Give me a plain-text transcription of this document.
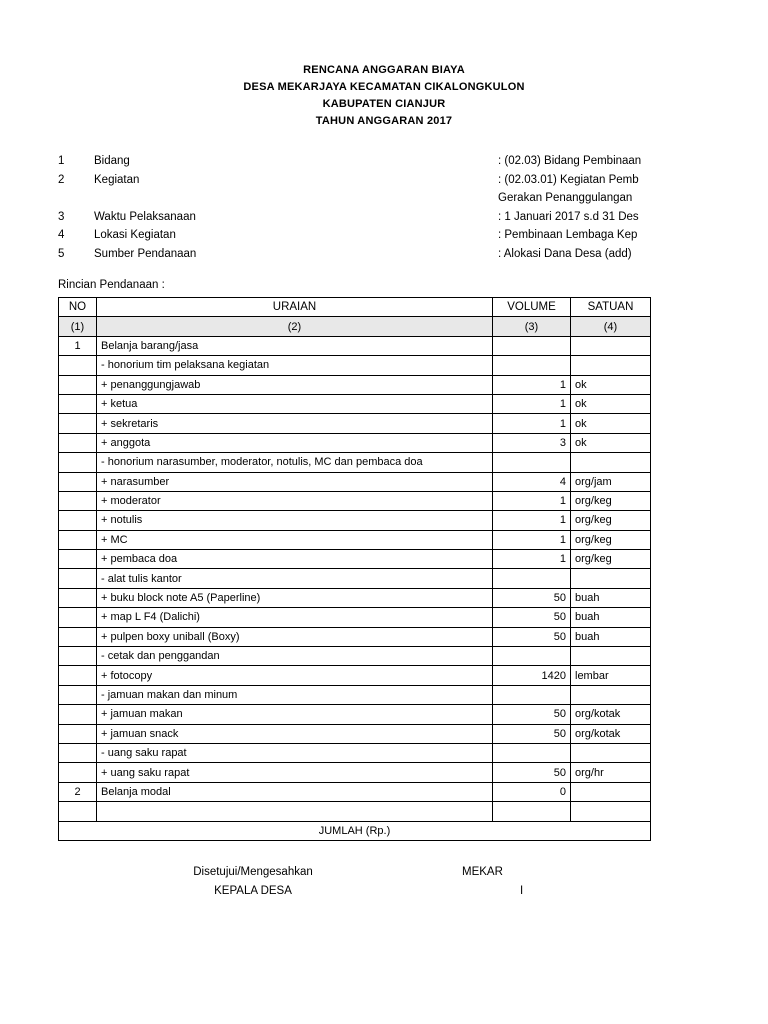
RENCANA ANGGARAN BIAYA
DESA MEKARJAYA KECAMATAN CIKALONGKULON
KABUPATEN CIANJUR
TAHUN ANGGARAN 2017
1	Bidang	: (02.03) Bidang Pembinaan
2	Kegiatan	: (02.03.01) Kegiatan Pemb
Gerakan Penanggulangan
3	Waktu Pelaksanaan	: 1 Januari 2017 s.d 31 Des
4	Lokasi Kegiatan	: Pembinaan Lembaga Kep
5	Sumber Pendanaan	: Alokasi Dana Desa (add)
Rincian Pendanaan :
NO	URAIAN	VOLUME	SATUAN
(1)	(2)	(3)	(4)
1	Belanja barang/jasa		
	- honorium tim pelaksana kegiatan		
	+ penanggungjawab	1	ok
	+ ketua	1	ok
	+ sekretaris	1	ok
	+ anggota	3	ok
	- honorium narasumber, moderator, notulis, MC dan pembaca doa		
	+ narasumber	4	org/jam
	+ moderator	1	org/keg
	+ notulis	1	org/keg
	+ MC	1	org/keg
	+ pembaca doa	1	org/keg
	- alat tulis kantor		
	+ buku block note A5 (Paperline)	50	buah
	+ map L F4 (Dalichi)	50	buah
	+ pulpen boxy uniball (Boxy)	50	buah
	- cetak dan penggandan		
	+ fotocopy	1420	lembar
	- jamuan makan dan minum		
	+ jamuan makan	50	org/kotak
	+ jamuan snack	50	org/kotak
	- uang saku rapat		
	+ uang saku rapat	50	org/hr
2	Belanja modal	0	

JUMLAH (Rp.)			
Disetujui/Mengesahkan
KEPALA DESA
MEKAR
I
